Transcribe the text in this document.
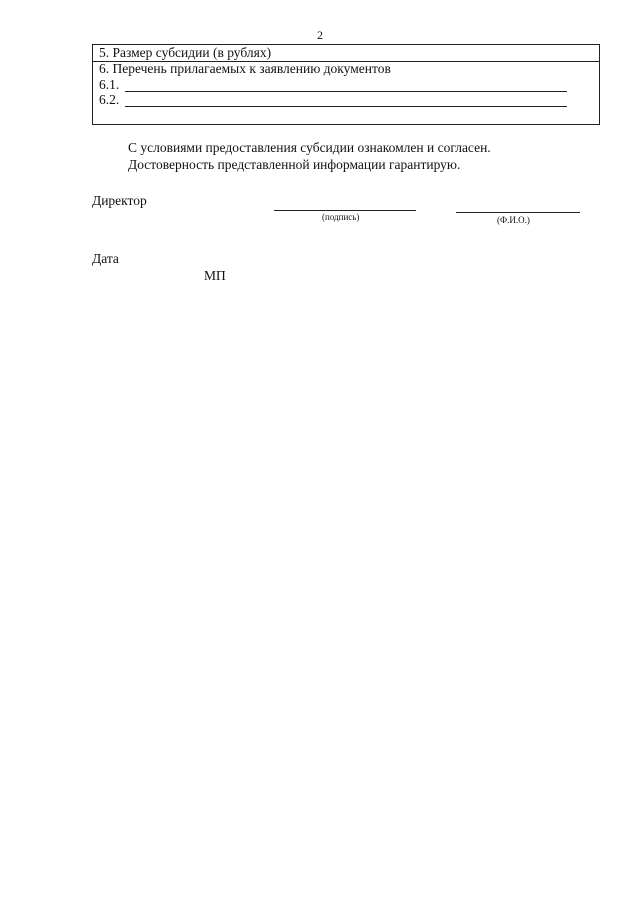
2
5. Размер субсидии (в рублях)
6. Перечень прилагаемых к заявлению документов
6.1.
6.2.
С условиями предоставления субсидии ознакомлен и согласен.
Достоверность представленной информации гарантирую.
Директор
(подпись)	(Ф.И.О.)
Дата
МП
